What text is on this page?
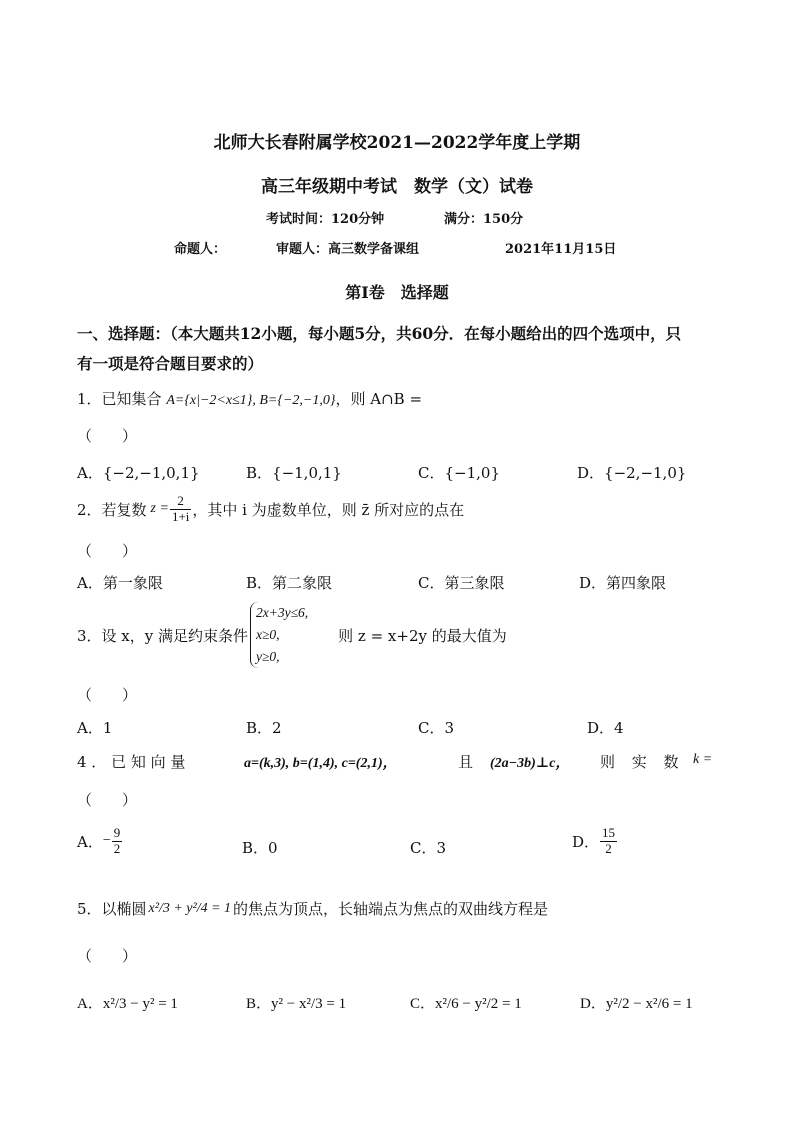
北师大长春附属学校2021—2022学年度上学期
高三年级期中考试　数学（文）试卷
考试时间：120分钟	满分：150分
命题人：	审题人：高三数学备课组	2021年11月15日
第Ⅰ卷　选择题
一、选择题：（本大题共12小题，每小题5分，共60分．在每小题给出的四个选项中，只
有一项是符合题目要求的）
1．已知集合 A={x|−2<x≤1}, B={−2,−1,0}，则 A∩B =
（　　）
A．{−2,−1,0,1}	B．{−1,0,1}	C．{−1,0}	D．{−2,−1,0}
2．若复数 $z = \frac{2}{1+i}$ ，其中 i 为虚数单位，则 z̄ 所对应的点在
（　　）
A．第一象限	B．第二象限	C．第三象限	D．第四象限
3．设 x，y 满足约束条件
2x+3y≤6,
x≥0,
y≥0,
则 z = x+2y 的最大值为
（　　）
A．1	B．2	C．3	D．4
4 ． 已 知 向 量	a=(k,3), b=(1,4), c=(2,1)，	且 (2a−3b)⊥c， 则 实 数 k =
（　　）
A． − $\frac{9}{2}$	B．0	C．3	D． $\frac{15}{2}$
5．以椭圆 x²/3 + y²/4 = 1 的焦点为顶点，长轴端点为焦点的双曲线方程是
（　　）
A．x²/3 − y² = 1	B．y² − x²/3 = 1	C．x²/6 − y²/2 = 1	D．y²/2 − x²/6 = 1
